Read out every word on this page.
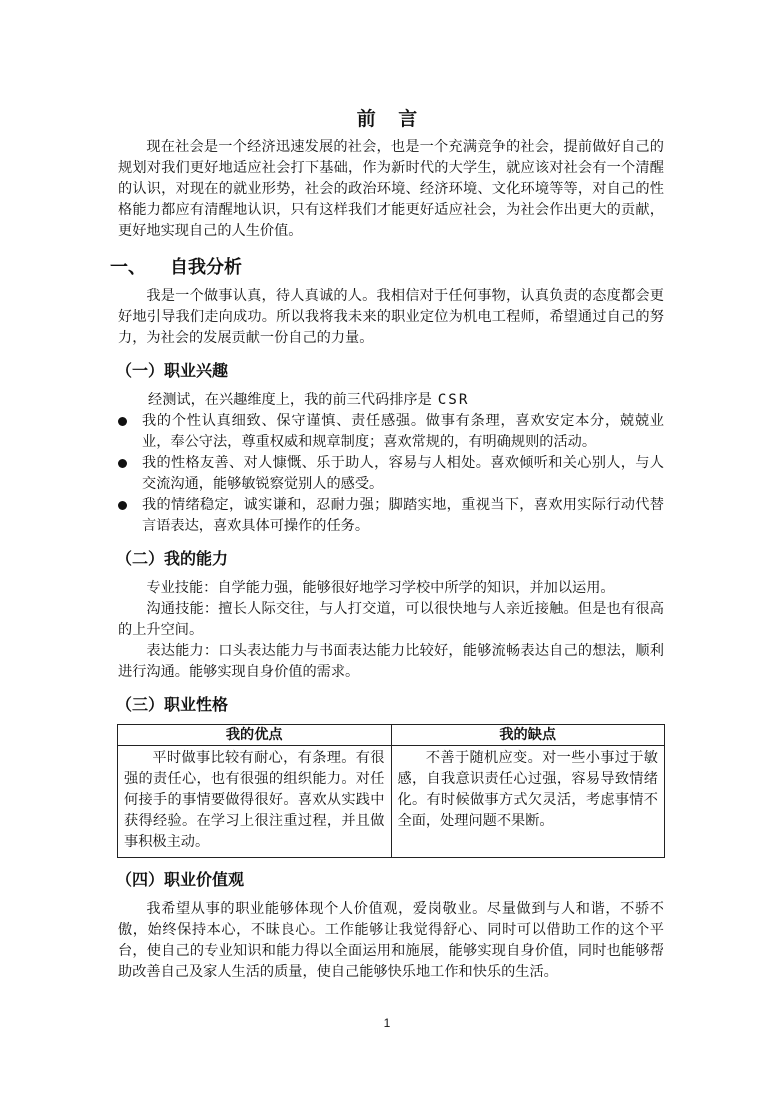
前 言

现在社会是一个经济迅速发展的社会，也是一个充满竞争的社会，提前做好自己的规划对我们更好地适应社会打下基础，作为新时代的大学生，就应该对社会有一个清醒的认识，对现在的就业形势，社会的政治环境、经济环境、文化环境等等，对自己的性格能力都应有清醒地认识，只有这样我们才能更好适应社会，为社会作出更大的贡献，更好地实现自己的人生价值。

一、 自我分析

我是一个做事认真，待人真诚的人。我相信对于任何事物，认真负责的态度都会更好地引导我们走向成功。所以我将我未来的职业定位为机电工程师，希望通过自己的努力，为社会的发展贡献一份自己的力量。

（一）职业兴趣
经测试，在兴趣维度上，我的前三代码排序是 CSR
我的个性认真细致、保守谨慎、责任感强。做事有条理，喜欢安定本分，兢兢业业，奉公守法，尊重权威和规章制度；喜欢常规的，有明确规则的活动。
我的性格友善、对人慷慨、乐于助人，容易与人相处。喜欢倾听和关心别人，与人交流沟通，能够敏锐察觉别人的感受。
我的情绪稳定，诚实谦和，忍耐力强；脚踏实地，重视当下，喜欢用实际行动代替言语表达，喜欢具体可操作的任务。
（二）我的能力

专业技能：自学能力强，能够很好地学习学校中所学的知识，并加以运用。

沟通技能：擅长人际交往，与人打交道，可以很快地与人亲近接触。但是也有很高的上升空间。

表达能力：口头表达能力与书面表达能力比较好，能够流畅表达自己的想法，顺利进行沟通。能够实现自身价值的需求。

（三）职业性格
我的优点	我的缺点

平时做事比较有耐心，有条理。有很强的责任心，也有很强的组织能力。对任何接手的事情要做得很好。喜欢从实践中获得经验。在学习上很注重过程，并且做事积极主动。	不善于随机应变。对一些小事过于敏感，自我意识责任心过强，容易导致情绪化。有时候做事方式欠灵活，考虑事情不全面，处理问题不果断。

（四）职业价值观

我希望从事的职业能够体现个人价值观，爱岗敬业。尽量做到与人和谐，不骄不傲，始终保持本心，不昧良心。工作能够让我觉得舒心、同时可以借助工作的这个平台，使自己的专业知识和能力得以全面运用和施展，能够实现自身价值，同时也能够帮助改善自己及家人生活的质量，使自己能够快乐地工作和快乐的生活。

1
